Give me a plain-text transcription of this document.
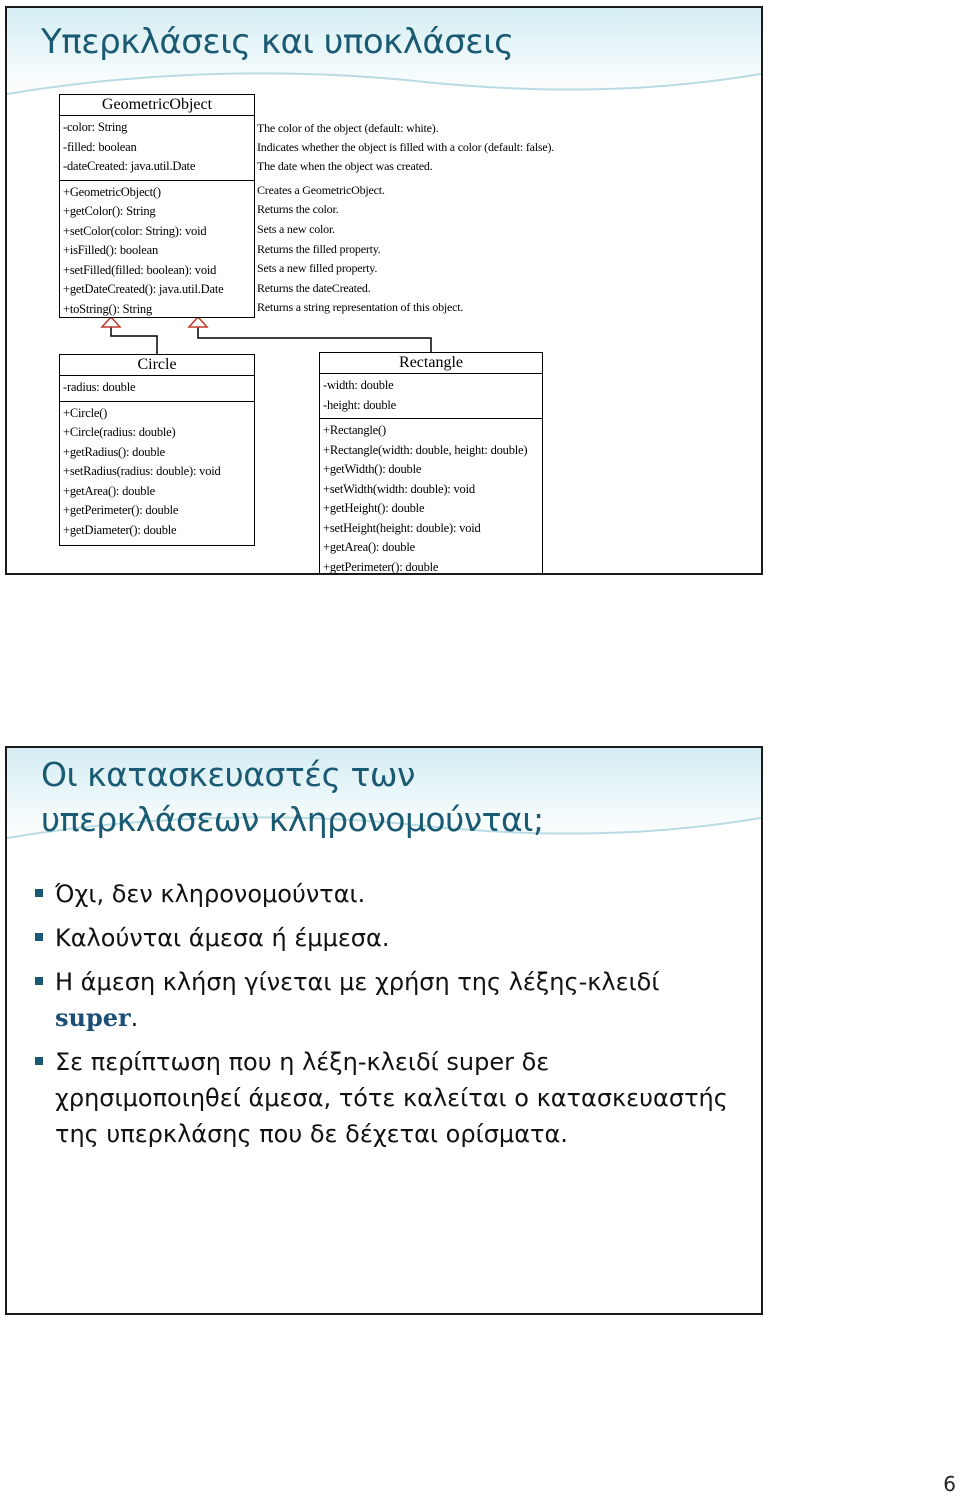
Υπερκλάσεις και υποκλάσεις
GeometricObject
-color: String
-filled: boolean
-dateCreated: java.util.Date
+GeometricObject()
+getColor(): String
+setColor(color: String): void
+isFilled(): boolean
+setFilled(filled: boolean): void
+getDateCreated(): java.util.Date
+toString(): String
The color of the object (default: white).
Indicates whether the object is filled with a color (default: false).
The date when the object was created.
Creates a GeometricObject.
Returns the color.
Sets a new color.
Returns the filled property.
Sets a new filled property.
Returns the dateCreated.
Returns a string representation of this object.
Circle
-radius: double
+Circle()
+Circle(radius: double)
+getRadius(): double
+setRadius(radius: double): void
+getArea(): double
+getPerimeter(): double
+getDiameter(): double
Rectangle
-width: double
-height: double
+Rectangle()
+Rectangle(width: double, height: double)
+getWidth(): double
+setWidth(width: double): void
+getHeight(): double
+setHeight(height: double): void
+getArea(): double
+getPerimeter(): double
Οι κατασκευαστές των
υπερκλάσεων κληρονομούνται;
Όχι, δεν κληρονομούνται.
Καλούνται άμεσα ή έμμεσα.
Η άμεση κλήση γίνεται με χρήση της λέξης-κλειδί super.
Σε περίπτωση που η λέξη-κλειδί super δε χρησιμοποιηθεί άμεσα, τότε καλείται ο κατασκευαστής της υπερκλάσης που δε δέχεται ορίσματα.
6
